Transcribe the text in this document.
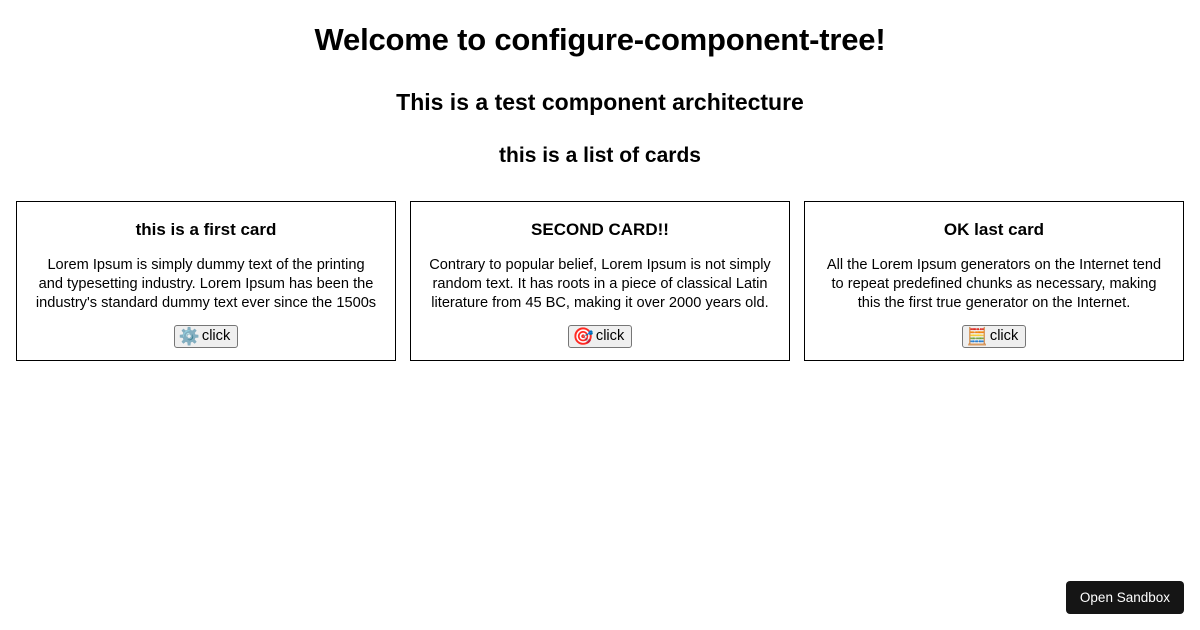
Welcome to configure-component-tree!
This is a test component architecture
this is a list of cards
this is a first card
Lorem Ipsum is simply dummy text of the printing and typesetting industry. Lorem Ipsum has been the industry's standard dummy text ever since the 1500s
⚙️ click
SECOND CARD!!
Contrary to popular belief, Lorem Ipsum is not simply random text. It has roots in a piece of classical Latin literature from 45 BC, making it over 2000 years old.
🎯 click
OK last card
All the Lorem Ipsum generators on the Internet tend to repeat predefined chunks as necessary, making this the first true generator on the Internet.
🧮 click
Open Sandbox
